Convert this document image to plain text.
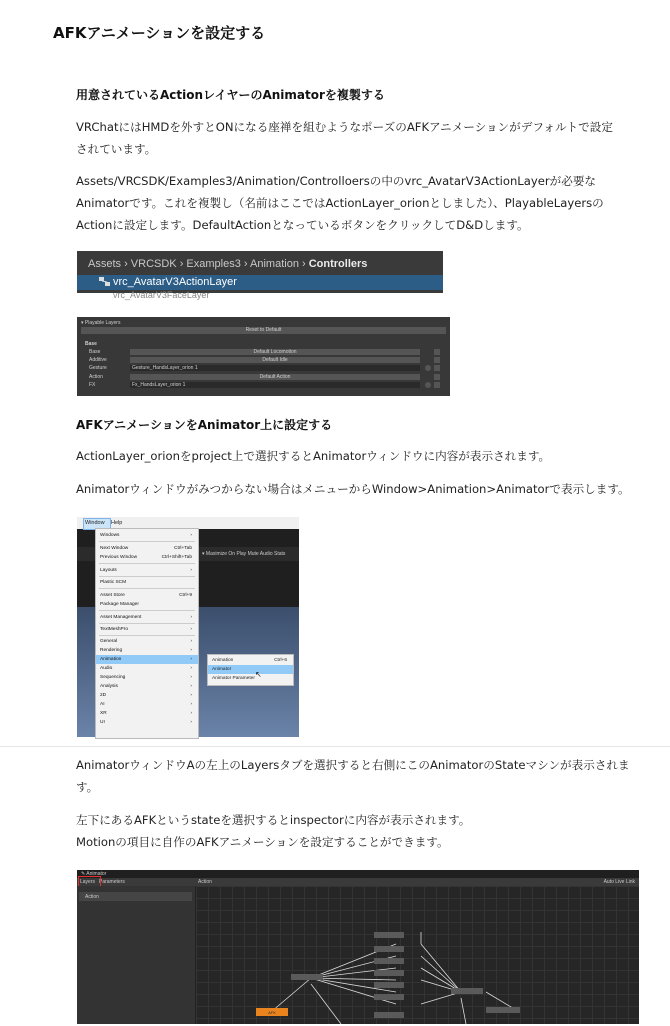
AFKアニメーションを設定する
用意されているActionレイヤーのAnimatorを複製する
VRChatにはHMDを外すとONになる座禅を組むようなポーズのAFKアニメーションがデフォルトで設定
されています。
Assets/VRCSDK/Examples3/Animation/Controlloersの中のvrc_AvatarV3ActionLayerが必要な
Animatorです。これを複製し（名前はここではActionLayer_orionとしました）、PlayableLayersの
Actionに設定します。DefaultActionとなっているボタンをクリックしてD&Dします。
Assets › VRCSDK › Examples3 › Animation › Controllers
vrc_AvatarV3ActionLayer
vrc_AvatarV3FaceLayer
▾ Playable Layers
Reset to Default
Base
Base	Default Locomotion
Additive	Default Idle
Gesture	Gesture_HandsLayer_orion 1
Action	Default Action
FX	Fx_HandsLayer_orion 1
AFKアニメーションをAnimator上に設定する
ActionLayer_orionをproject上で選択するとAnimatorウィンドウに内容が表示されます。
Animatorウィンドウがみつからない場合はメニューからWindow>Animation>Animatorで表示します。
Window Help
▾ Maximize On Play Mute Audio Stats
Windows	›
Next Window	Ctrl+Tab
Previous Window	Ctrl+Shift+Tab
Layouts	›
Plastic SCM
Asset Store	Ctrl+9
Package Manager
Asset Management	›
TextMeshPro	›
General	›
Rendering	›
Animation	›
Audio	›
Sequencing	›
Analysis	›
2D	›
AI	›
XR	›
UI	›
Animation	Ctrl+6
Animator
Animator Parameter ↖
AnimatorウィンドウAの左上のLayersタブを選択すると右側にこのAnimatorのStateマシンが表示されま
す。
左下にあるAFKというstateを選択するとinspectorに内容が表示されます。
Motionの項目に自作のAFKアニメーションを設定することができます。
✎ Animator
Layers Parameters	Action	Auto Live Link
Action
AFK
